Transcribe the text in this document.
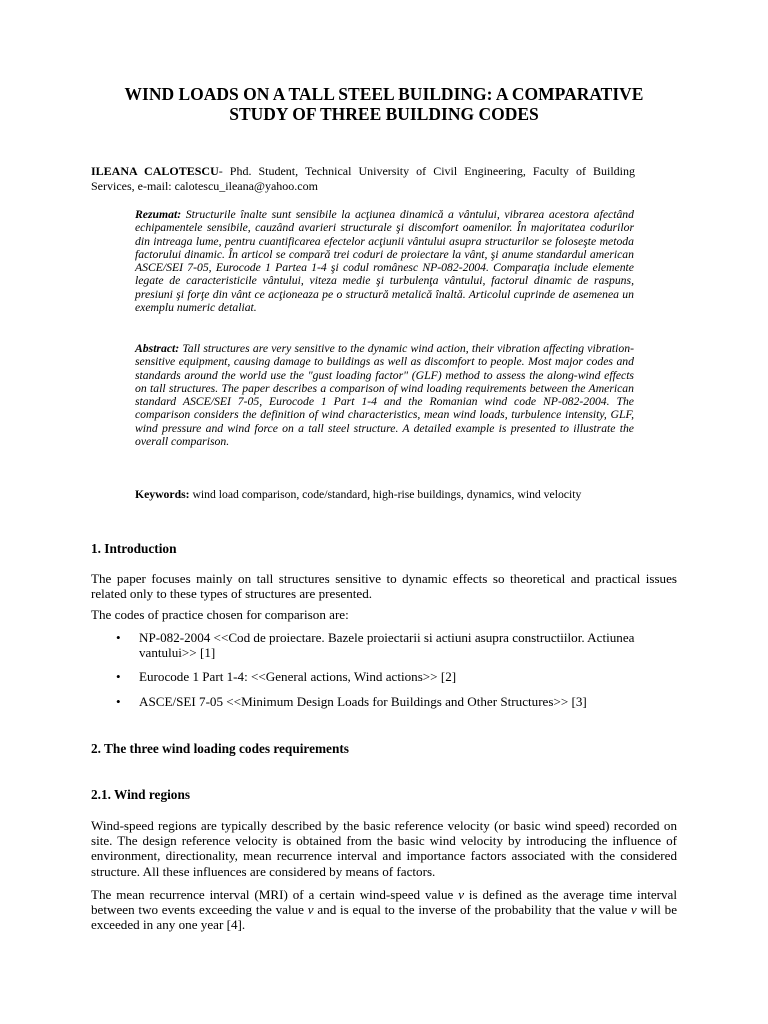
WIND LOADS ON A TALL STEEL BUILDING: A COMPARATIVE
STUDY OF THREE BUILDING CODES
ILEANA CALOTESCU- Phd. Student, Technical University of Civil Engineering, Faculty of Building Services, e-mail: calotescu_ileana@yahoo.com
Rezumat: Structurile înalte sunt sensibile la acţiunea dinamică a vântului, vibrarea acestora afectând echipamentele sensibile, cauzând avarieri structurale şi discomfort oamenilor. În majoritatea codurilor din intreaga lume, pentru cuantificarea efectelor acţiunii vântului asupra structurilor se foloseşte metoda factorului dinamic. În articol se compară trei coduri de proiectare la vânt, şi anume standardul american ASCE/SEI 7-05, Eurocode 1 Partea 1-4 şi codul românesc NP-082-2004. Comparaţia include elemente legate de caracteristicile vântului, viteza medie şi turbulenţa vântului, factorul dinamic de raspuns, presiuni şi forţe din vânt ce acţioneaza pe o structură metalică înaltă. Articolul cuprinde de asemenea un exemplu numeric detaliat.
Abstract: Tall structures are very sensitive to the dynamic wind action, their vibration affecting vibration-sensitive equipment, causing damage to buildings as well as discomfort to people. Most major codes and standards around the world use the "gust loading factor" (GLF) method to assess the along-wind effects on tall structures. The paper describes a comparison of wind loading requirements between the American standard ASCE/SEI 7-05, Eurocode 1 Part 1-4 and the Romanian wind code NP-082-2004. The comparison considers the definition of wind characteristics, mean wind loads, turbulence intensity, GLF, wind pressure and wind force on a tall steel structure. A detailed example is presented to illustrate the overall comparison.
Keywords: wind load comparison, code/standard, high-rise buildings, dynamics, wind velocity
1. Introduction
The paper focuses mainly on tall structures sensitive to dynamic effects so theoretical and practical issues related only to these types of structures are presented.
The codes of practice chosen for comparison are:
• NP-082-2004 <<Cod de proiectare. Bazele proiectarii si actiuni asupra constructiilor. Actiunea vantului>> [1]
• Eurocode 1 Part 1-4: <<General actions, Wind actions>> [2]
• ASCE/SEI 7-05 <<Minimum Design Loads for Buildings and Other Structures>> [3]
2. The three wind loading codes requirements
2.1. Wind regions
Wind-speed regions are typically described by the basic reference velocity (or basic wind speed) recorded on site. The design reference velocity is obtained from the basic wind velocity by introducing the influence of environment, directionality, mean recurrence interval and importance factors associated with the considered structure. All these influences are considered by means of factors.
The mean recurrence interval (MRI) of a certain wind-speed value v is defined as the average time interval between two events exceeding the value v and is equal to the inverse of the probability that the value v will be exceeded in any one year [4].
